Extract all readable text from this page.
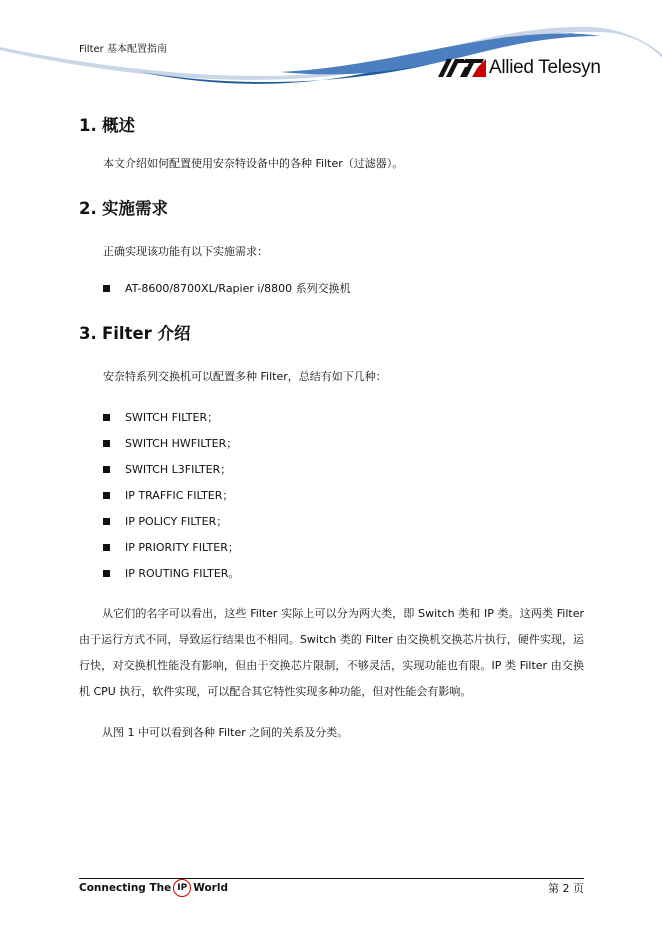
Filter 基本配置指南
Allied Telesyn
1. 概述
本文介绍如何配置使用安奈特设备中的各种 Filter（过滤器）。
2. 实施需求
正确实现该功能有以下实施需求：
AT-8600/8700XL/Rapier i/8800 系列交换机
3. Filter 介绍
安奈特系列交换机可以配置多种 Filter，总结有如下几种：
SWITCH FILTER；
SWITCH HWFILTER；
SWITCH L3FILTER；
IP TRAFFIC FILTER；
IP POLICY FILTER；
IP PRIORITY FILTER；
IP ROUTING FILTER。
从它们的名字可以看出，这些 Filter 实际上可以分为两大类，即 Switch 类和 IP 类。这两类 Filter 由于运行方式不同，导致运行结果也不相同。Switch 类的 Filter 由交换机交换芯片执行，硬件实现，运行快，对交换机性能没有影响，但由于交换芯片限制，不够灵活，实现功能也有限。IP 类 Filter 由交换机 CPU 执行，软件实现，可以配合其它特性实现多种功能，但对性能会有影响。
从图 1 中可以看到各种 Filter 之间的关系及分类。
Connecting The IP World	第 2 页
